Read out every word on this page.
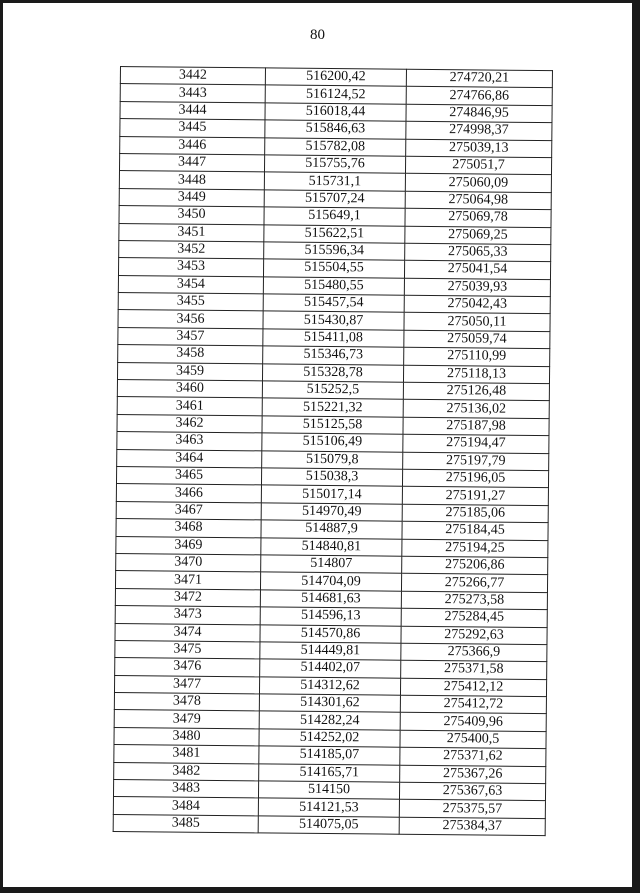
80
3442	516200,42	274720,21
3443	516124,52	274766,86
3444	516018,44	274846,95
3445	515846,63	274998,37
3446	515782,08	275039,13
3447	515755,76	275051,7
3448	515731,1	275060,09
3449	515707,24	275064,98
3450	515649,1	275069,78
3451	515622,51	275069,25
3452	515596,34	275065,33
3453	515504,55	275041,54
3454	515480,55	275039,93
3455	515457,54	275042,43
3456	515430,87	275050,11
3457	515411,08	275059,74
3458	515346,73	275110,99
3459	515328,78	275118,13
3460	515252,5	275126,48
3461	515221,32	275136,02
3462	515125,58	275187,98
3463	515106,49	275194,47
3464	515079,8	275197,79
3465	515038,3	275196,05
3466	515017,14	275191,27
3467	514970,49	275185,06
3468	514887,9	275184,45
3469	514840,81	275194,25
3470	514807	275206,86
3471	514704,09	275266,77
3472	514681,63	275273,58
3473	514596,13	275284,45
3474	514570,86	275292,63
3475	514449,81	275366,9
3476	514402,07	275371,58
3477	514312,62	275412,12
3478	514301,62	275412,72
3479	514282,24	275409,96
3480	514252,02	275400,5
3481	514185,07	275371,62
3482	514165,71	275367,26
3483	514150	275367,63
3484	514121,53	275375,57
3485	514075,05	275384,37
